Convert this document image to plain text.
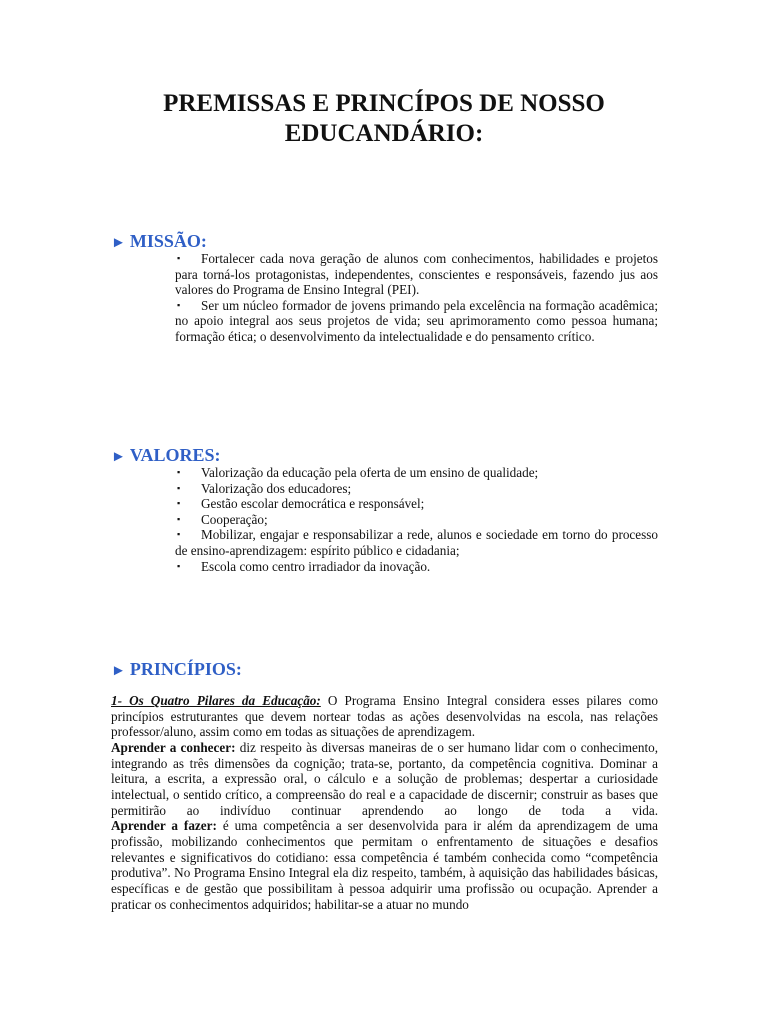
PREMISSAS E PRINCÍPOS DE NOSSO
EDUCANDÁRIO:
► MISSÃO:
▪ Fortalecer cada nova geração de alunos com conhecimentos, habilidades e projetos para torná-los protagonistas, independentes, conscientes e responsáveis, fazendo jus aos valores do Programa de Ensino Integral (PEI).
▪ Ser um núcleo formador de jovens primando pela excelência na formação acadêmica; no apoio integral aos seus projetos de vida; seu aprimoramento como pessoa humana; formação ética; o desenvolvimento da intelectualidade e do pensamento crítico.
► VALORES:
▪ Valorização da educação pela oferta de um ensino de qualidade;
▪ Valorização dos educadores;
▪ Gestão escolar democrática e responsável;
▪ Cooperação;
▪ Mobilizar, engajar e responsabilizar a rede, alunos e sociedade em torno do processo de ensino-aprendizagem: espírito público e cidadania;
▪ Escola como centro irradiador da inovação.
► PRINCÍPIOS:

1- Os Quatro Pilares da Educação: O Programa Ensino Integral considera esses pilares como princípios estruturantes que devem nortear todas as ações desenvolvidas na escola, nas relações professor/aluno, assim como em todas as situações de aprendizagem.

Aprender a conhecer: diz respeito às diversas maneiras de o ser humano lidar com o conhecimento, integrando as três dimensões da cognição; trata-se, portanto, da competência cognitiva. Dominar a leitura, a escrita, a expressão oral, o cálculo e a solução de problemas; despertar a curiosidade intelectual, o sentido crítico, a compreensão do real e a capacidade de discernir; construir as bases que permitirão ao indivíduo continuar aprendendo ao longo de toda a vida.

Aprender a fazer: é uma competência a ser desenvolvida para ir além da aprendizagem de uma profissão, mobilizando conhecimentos que permitam o enfrentamento de situações e desafios relevantes e significativos do cotidiano: essa competência é também conhecida como “competência produtiva”. No Programa Ensino Integral ela diz respeito, também, à aquisição das habilidades básicas, específicas e de gestão que possibilitam à pessoa adquirir uma profissão ou ocupação. Aprender a praticar os conhecimentos adquiridos; habilitar-se a atuar no mundo
